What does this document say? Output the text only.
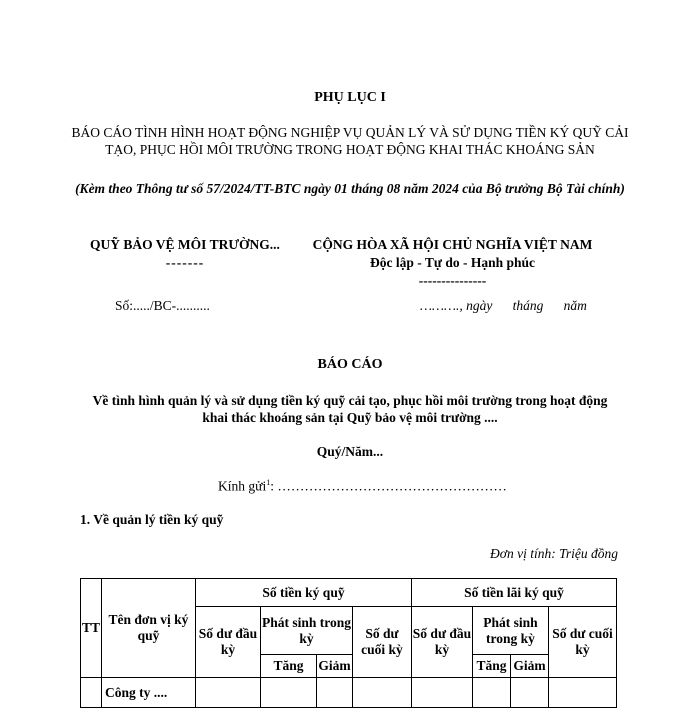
PHỤ LỤC I
BÁO CÁO TÌNH HÌNH HOẠT ĐỘNG NGHIỆP VỤ QUẢN LÝ VÀ SỬ DỤNG TIỀN KÝ QUỸ CẢI TẠO, PHỤC HỒI MÔI TRƯỜNG TRONG HOẠT ĐỘNG KHAI THÁC KHOÁNG SẢN
(Kèm theo Thông tư số 57/2024/TT-BTC ngày 01 tháng 08 năm 2024 của Bộ trưởng Bộ Tài chính)
QUỸ BẢO VỆ MÔI TRƯỜNG...
-------
CỘNG HÒA XÃ HỘI CHỦ NGHĨA VIỆT NAM
Độc lập - Tự do - Hạnh phúc
---------------
Số:...../BC-..........	………., ngày      tháng      năm
BÁO CÁO
Về tình hình quản lý và sử dụng tiền ký quỹ cải tạo, phục hồi môi trường trong hoạt động khai thác khoáng sản tại Quỹ bảo vệ môi trường ....
Quý/Năm...
Kính gửi$^1$: ……………………………………………
1. Về quản lý tiền ký quỹ
Đơn vị tính: Triệu đồng
TT	Tên đơn vị ký quỹ	Số tiền ký quỹ				Số tiền lãi ký quỹ			
		Số dư đầu kỳ	Phát sinh trong kỳ		Số dư cuối kỳ	Số dư đầu kỳ	Phát sinh trong kỳ		Số dư cuối kỳ
			Tăng	Giảm			Tăng	Giảm	
	Công ty ....								
